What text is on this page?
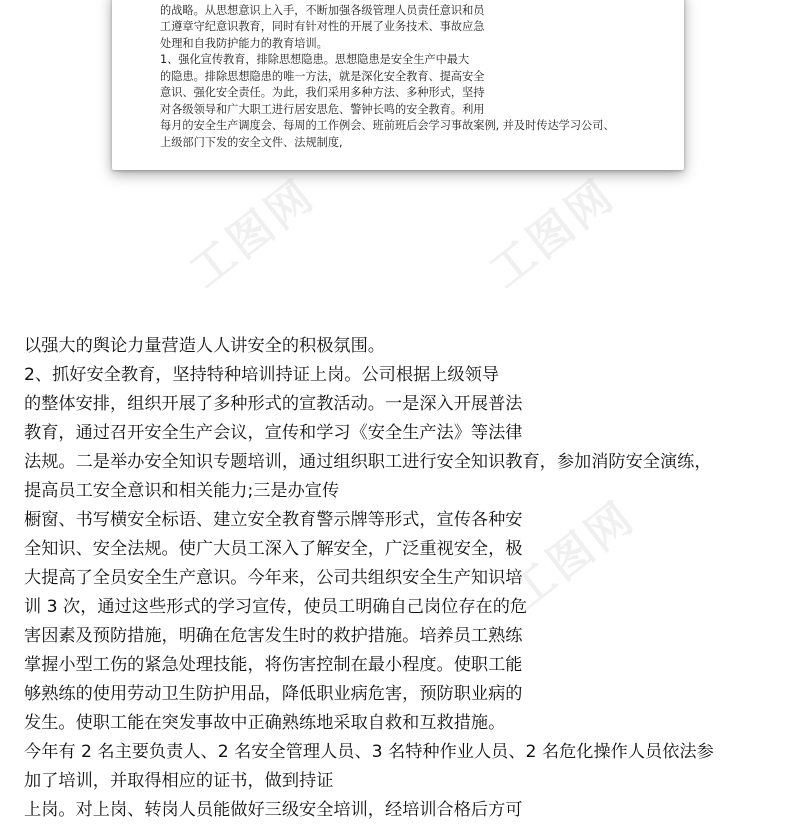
的战略。从思想意识上入手，不断加强各级管理人员责任意识和员
工遵章守纪意识教育，同时有针对性的开展了业务技术、事故应急
处理和自我防护能力的教育培训。
1、强化宣传教育，排除思想隐患。思想隐患是安全生产中最大
的隐患。排除思想隐患的唯一方法，就是深化安全教育、提高安全
意识、强化安全责任。为此，我们采用多种方法、多种形式，坚持
对各级领导和广大职工进行居安思危、警钟长鸣的安全教育。利用
每月的安全生产调度会、每周的工作例会、班前班后会学习事故案例, 并及时传达学习公司、
上级部门下发的安全文件、法规制度,
工图网	工图网
工图网
以强大的舆论力量营造人人讲安全的积极氛围。
2、抓好安全教育，坚持特种培训持证上岗。公司根据上级领导
的整体安排，组织开展了多种形式的宣教活动。一是深入开展普法
教育，通过召开安全生产会议，宣传和学习《安全生产法》等法律
法规。二是举办安全知识专题培训，通过组织职工进行安全知识教育，参加消防安全演练，
提高员工安全意识和相关能力;三是办宣传
橱窗、书写横安全标语、建立安全教育警示牌等形式，宣传各种安
全知识、安全法规。使广大员工深入了解安全，广泛重视安全，极
大提高了全员安全生产意识。今年来，公司共组织安全生产知识培
训 3 次，通过这些形式的学习宣传，使员工明确自己岗位存在的危
害因素及预防措施，明确在危害发生时的救护措施。培养员工熟练
掌握小型工伤的紧急处理技能，将伤害控制在最小程度。使职工能
够熟练的使用劳动卫生防护用品，降低职业病危害，预防职业病的
发生。使职工能在突发事故中正确熟练地采取自救和互救措施。
今年有 2 名主要负责人、2 名安全管理人员、3 名特种作业人员、2 名危化操作人员依法参
加了培训，并取得相应的证书，做到持证
上岗。对上岗、转岗人员能做好三级安全培训，经培训合格后方可
